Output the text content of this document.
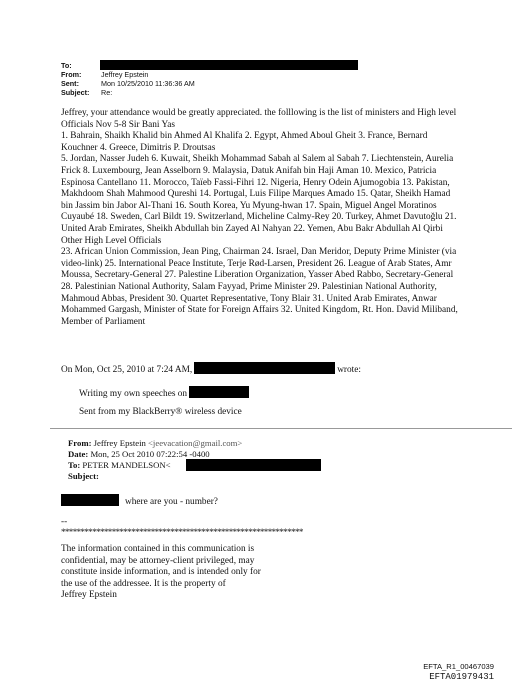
To:
From:	Jeffrey Epstein
Sent:	Mon 10/25/2010 11:36:36 AM
Subject: Re:

Jeffrey, your attendance would be greatly appreciated. the folllowing is the list of ministers and High level Officials Nov 5-8 Sir Bani Yas

1. Bahrain, Shaikh Khalid bin Ahmed Al Khalifa 2. Egypt, Ahmed Aboul Gheit 3. France, Bernard Kouchner 4. Greece, Dimitris P. Droutsas

5. Jordan, Nasser Judeh 6. Kuwait, Sheikh Mohammad Sabah al Salem al Sabah 7. Liechtenstein, Aurelia Frick 8. Luxembourg, Jean Asselborn 9. Malaysia, Datuk Anifah bin Haji Aman 10. Mexico, Patricia Espinosa Cantellano 11. Morocco, Taïeb Fassi-Fihri 12. Nigeria, Henry Odein Ajumogobia 13. Pakistan, Makhdoom Shah Mahmood Qureshi 14. Portugal, Luis Filipe Marques Amado 15. Qatar, Sheikh Hamad bin Jassim bin Jabor Al-Thani 16. South Korea, Yu Myung-hwan 17. Spain, Miguel Angel Moratinos Cuyaubé 18. Sweden, Carl Bildt 19. Switzerland, Micheline Calmy-Rey 20. Turkey, Ahmet Davutoğlu 21. United Arab Emirates, Sheikh Abdullah bin Zayed Al Nahyan 22. Yemen, Abu Bakr Abdullah Al Qirbi

Other High Level Officials

23. African Union Commission, Jean Ping, Chairman 24. Israel, Dan Meridor, Deputy Prime Minister (via video-link) 25. International Peace Institute, Terje Rød-Larsen, President 26. League of Arab States, Amr Moussa, Secretary-General 27. Palestine Liberation Organization, Yasser Abed Rabbo, Secretary-General 28. Palestinian National Authority, Salam Fayyad, Prime Minister 29. Palestinian National Authority, Mahmoud Abbas, President 30. Quartet Representative, Tony Blair 31. United Arab Emirates, Anwar Mohammed Gargash, Minister of State for Foreign Affairs 32. United Kingdom, Rt. Hon. David Miliband, Member of Parliament

On Mon, Oct 25, 2010 at 7:24 AM,	wrote:
Writing my own speeches on
Sent from my BlackBerry® wireless device
From: Jeffrey Epstein <jeevacation@gmail.com>
Date: Mon, 25 Oct 2010 07:22:54 -0400
To: PETER MANDELSON<
Subject:
where are you - number?
--
**************************************************************

The information contained in this communication is

confidential, may be attorney-client privileged, may

constitute inside information, and is intended only for

the use of the addressee. It is the property of

Jeffrey Epstein

EFTA_R1_00467039
EFTA01979431
